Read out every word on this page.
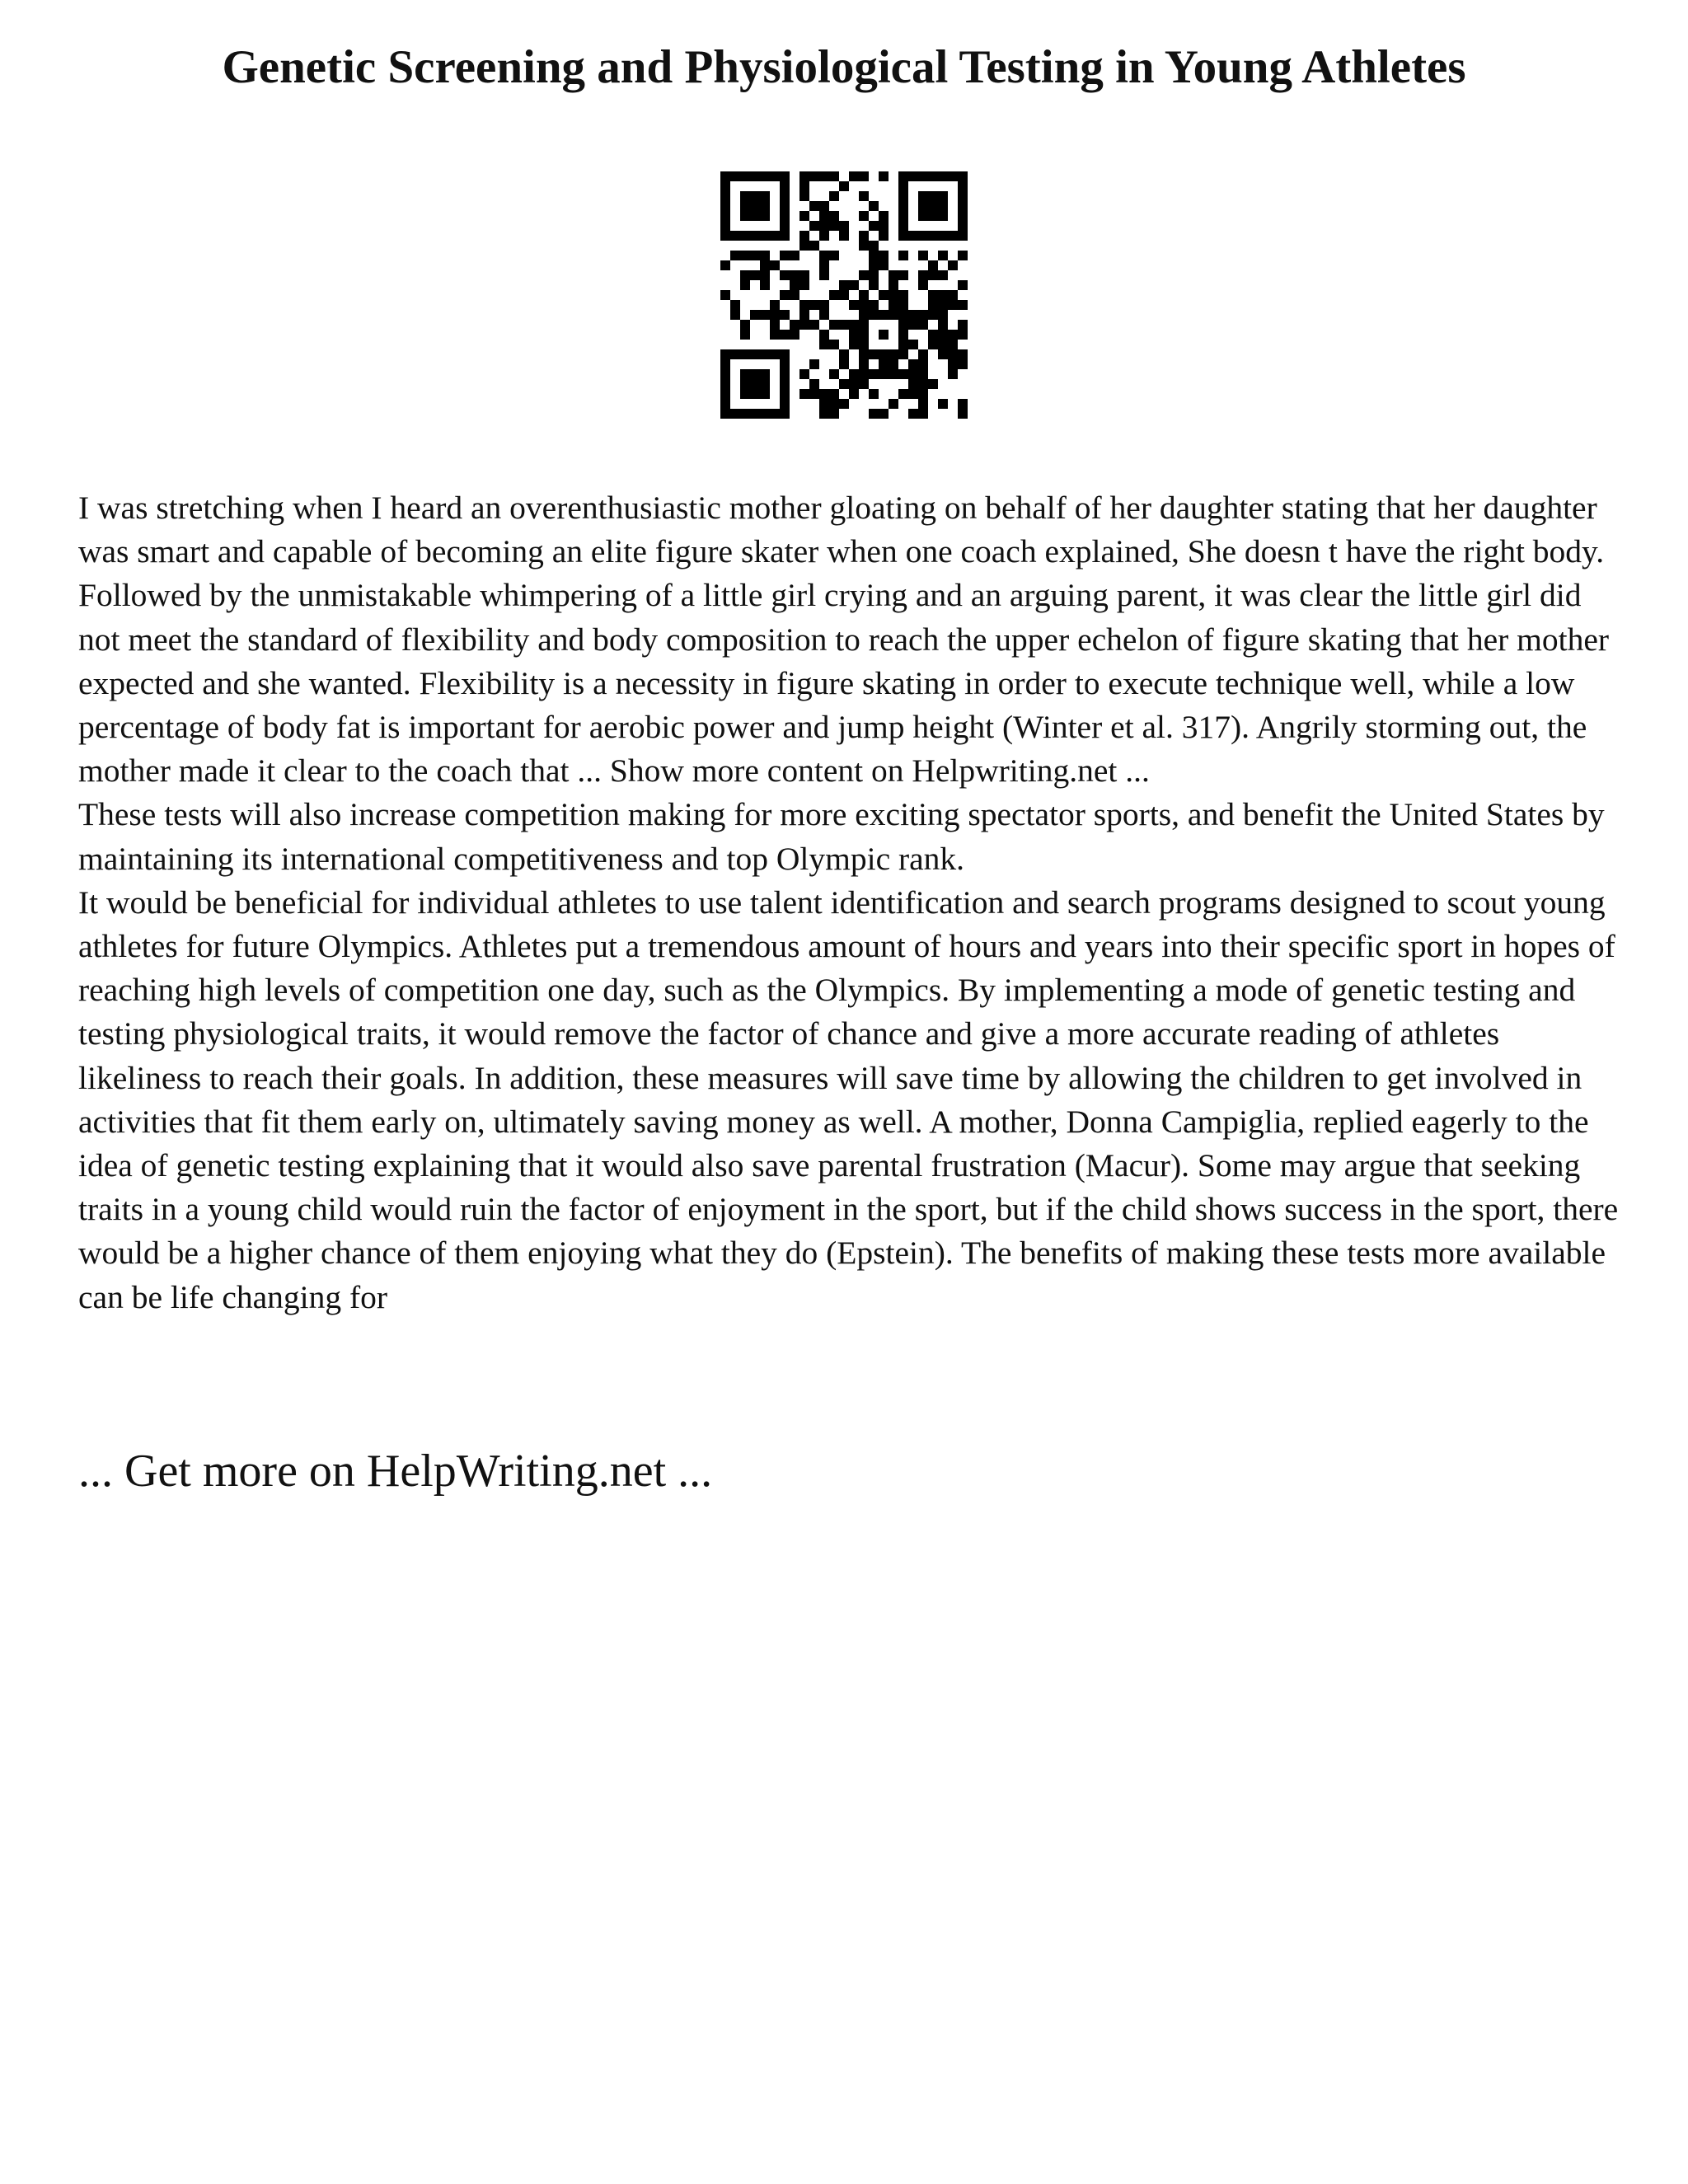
Genetic Screening and Physiological Testing in Young Athletes

I was stretching when I heard an overenthusiastic mother gloating on behalf of her daughter stating that her daughter was smart and capable of becoming an elite figure skater when one coach explained, She doesn t have the right body. Followed by the unmistakable whimpering of a little girl crying and an arguing parent, it was clear the little girl did not meet the standard of flexibility and body composition to reach the upper echelon of figure skating that her mother expected and she wanted. Flexibility is a necessity in figure skating in order to execute technique well, while a low percentage of body fat is important for aerobic power and jump height (Winter et al. 317). Angrily storming out, the mother made it clear to the coach that ... Show more content on Helpwriting.net ...

These tests will also increase competition making for more exciting spectator sports, and benefit the United States by maintaining its international competitiveness and top Olympic rank.

It would be beneficial for individual athletes to use talent identification and search programs designed to scout young athletes for future Olympics. Athletes put a tremendous amount of hours and years into their specific sport in hopes of reaching high levels of competition one day, such as the Olympics. By implementing a mode of genetic testing and testing physiological traits, it would remove the factor of chance and give a more accurate reading of athletes likeliness to reach their goals. In addition, these measures will save time by allowing the children to get involved in activities that fit them early on, ultimately saving money as well. A mother, Donna Campiglia, replied eagerly to the idea of genetic testing explaining that it would also save parental frustration (Macur). Some may argue that seeking traits in a young child would ruin the factor of enjoyment in the sport, but if the child shows success in the sport, there would be a higher chance of them enjoying what they do (Epstein). The benefits of making these tests more available can be life changing for

... Get more on HelpWriting.net ...
